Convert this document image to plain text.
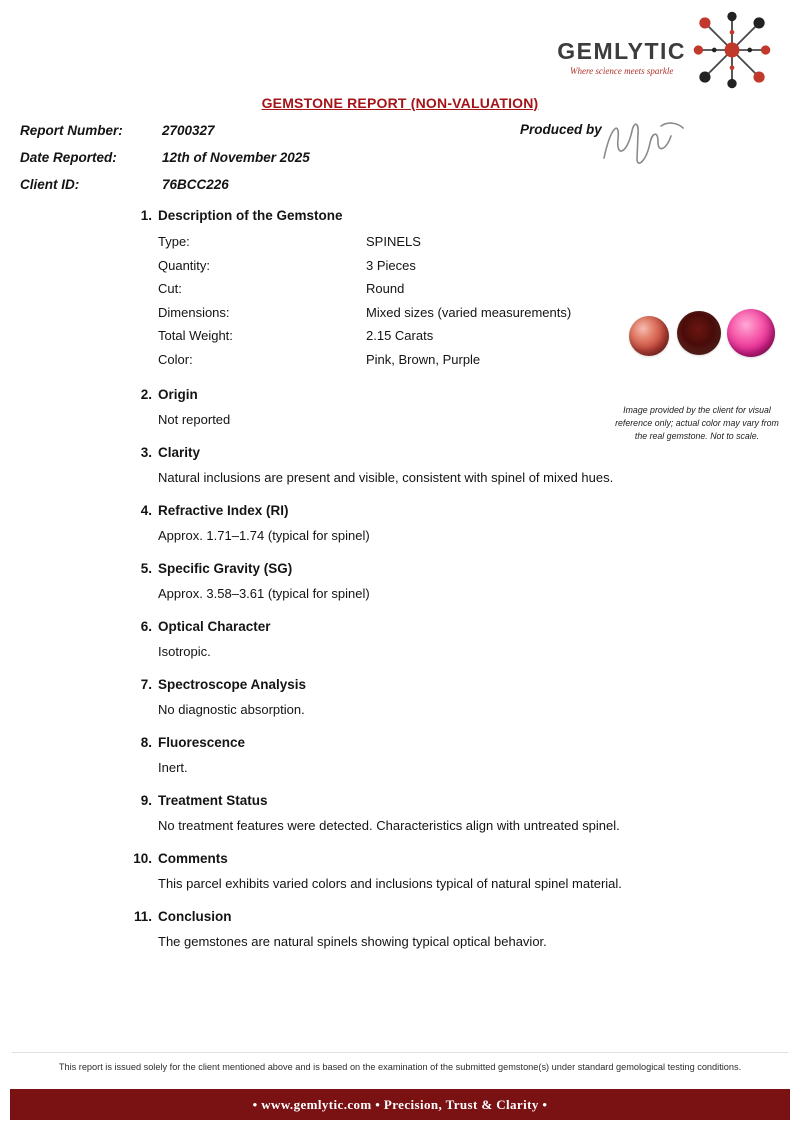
GEMLYTIC
Where science meets sparkle
GEMSTONE REPORT (NON-VALUATION)
Report Number:	2700327
Date Reported:	12th of November 2025
Client ID:	76BCC226
Produced by
1. Description of the Gemstone
Type:	SPINELS
Quantity:	3 Pieces
Cut:	Round
Dimensions:	Mixed sizes (varied measurements)
Total Weight:	2.15 Carats
Color:	Pink, Brown, Purple
2. Origin
Not reported
3. Clarity
Natural inclusions are present and visible, consistent with spinel of mixed hues.
4. Refractive Index (RI)
Approx. 1.71–1.74 (typical for spinel)
5. Specific Gravity (SG)
Approx. 3.58–3.61 (typical for spinel)
6. Optical Character
Isotropic.
7. Spectroscope Analysis
No diagnostic absorption.
8. Fluorescence
Inert.
9. Treatment Status
No treatment features were detected. Characteristics align with untreated spinel.
10. Comments
This parcel exhibits varied colors and inclusions typical of natural spinel material.
11. Conclusion
The gemstones are natural spinels showing typical optical behavior.
Image provided by the client for visual reference only; actual color may vary from the real gemstone. Not to scale.
This report is issued solely for the client mentioned above and is based on the examination of the submitted gemstone(s) under standard gemological testing conditions.
• www.gemlytic.com • Precision, Trust & Clarity •
